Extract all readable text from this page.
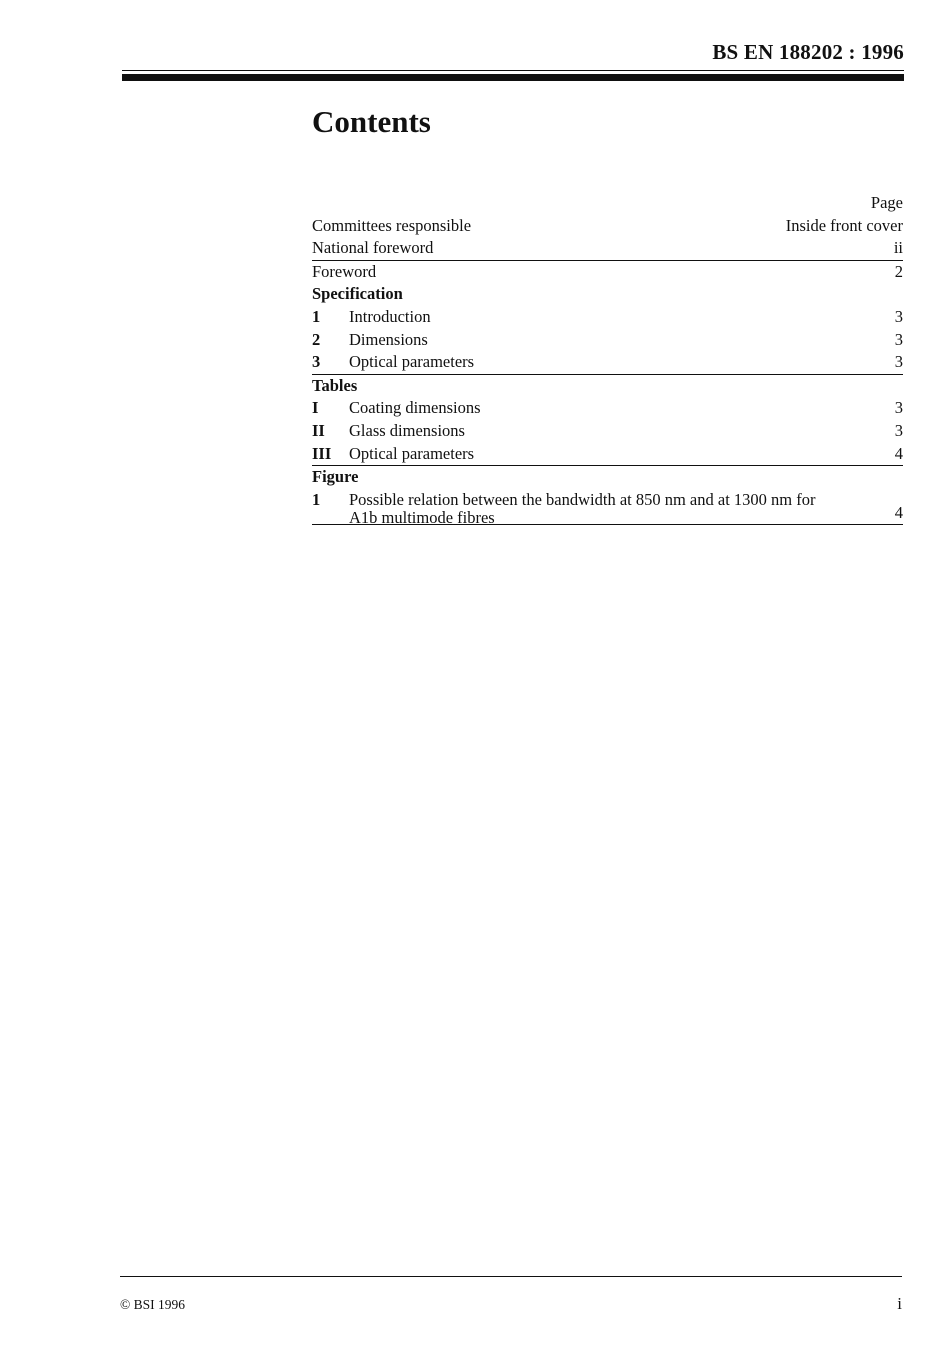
BS EN 188202 : 1996
Contents
Page
Committees responsible	Inside front cover
National foreword	ii
Foreword	2
Specification
1 Introduction	3
2 Dimensions	3
3 Optical parameters	3
Tables
I Coating dimensions	3
II Glass dimensions	3
III Optical parameters	4
Figure
1 Possible relation between the bandwidth at 850 nm and at 1300 nm for
A1b multimode fibres	4
© BSI 1996	i
